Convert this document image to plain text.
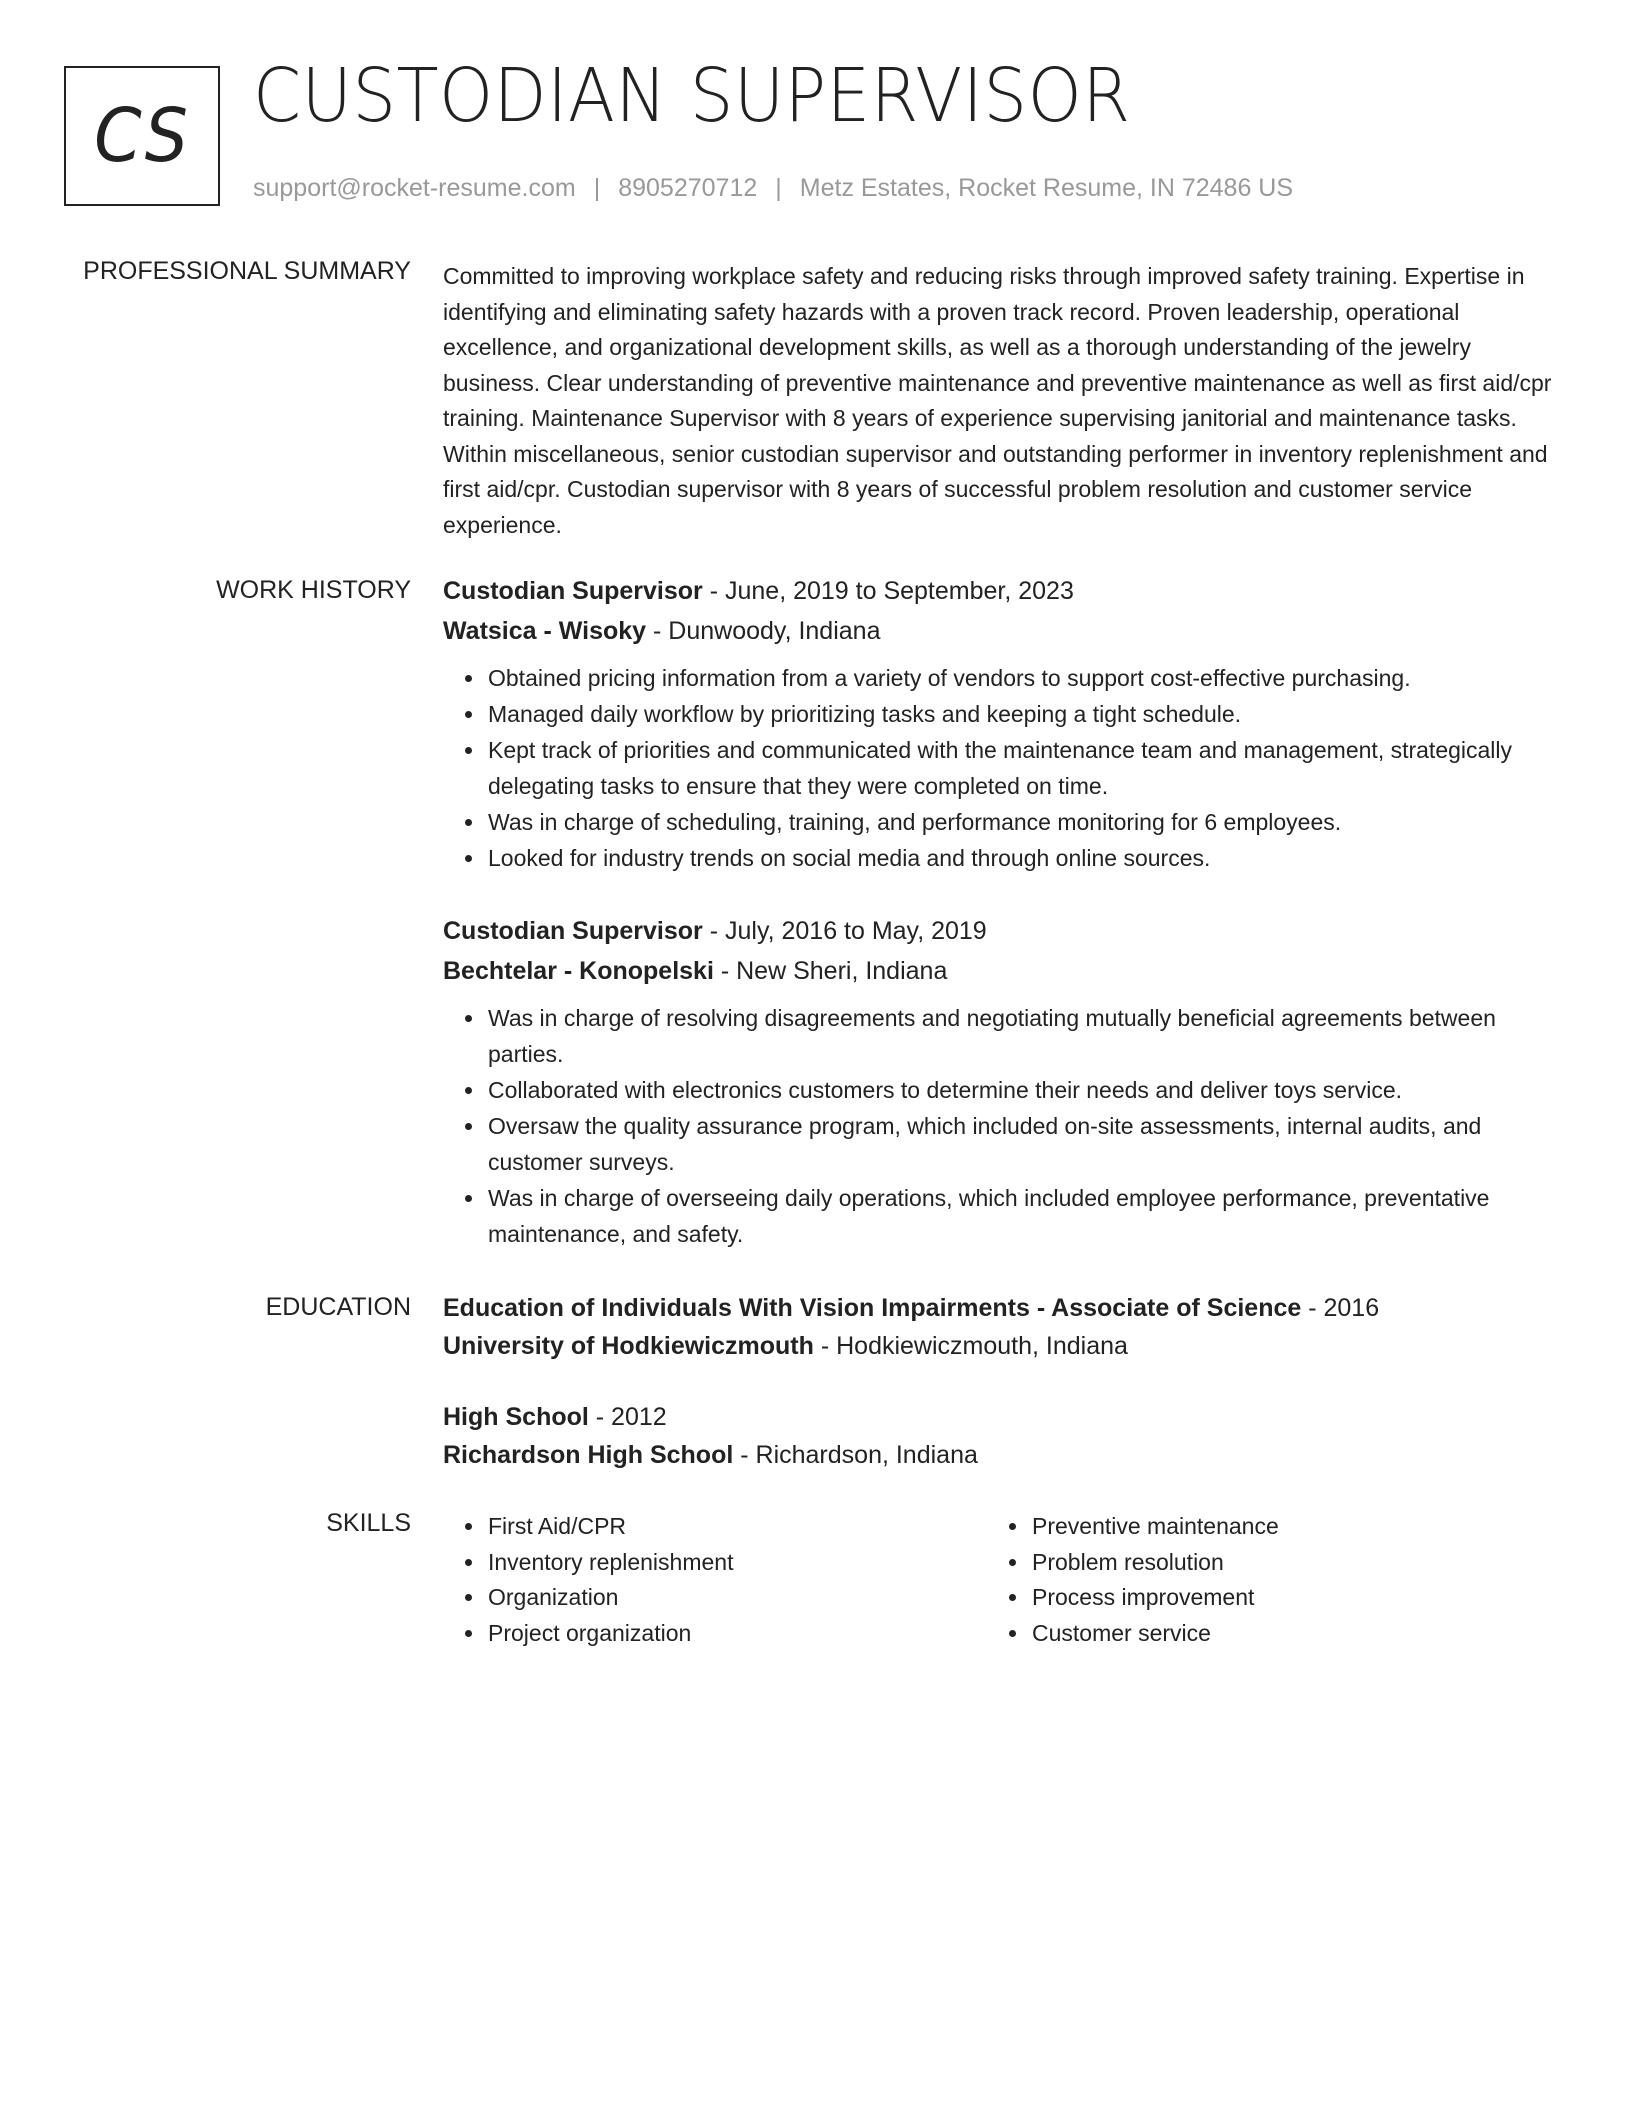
CS CUSTODIAN SUPERVISOR
support@rocket-resume.com | 8905270712 | Metz Estates, Rocket Resume, IN 72486 US
PROFESSIONAL SUMMARY Committed to improving workplace safety and reducing risks through improved safety training. Expertise in identifying and eliminating safety hazards with a proven track record. Proven leadership, operational excellence, and organizational development skills, as well as a thorough understanding of the jewelry business. Clear understanding of preventive maintenance and preventive maintenance as well as first aid/cpr training. Maintenance Supervisor with 8 years of experience supervising janitorial and maintenance tasks. Within miscellaneous, senior custodian supervisor and outstanding performer in inventory replenishment and first aid/cpr. Custodian supervisor with 8 years of successful problem resolution and customer service experience.

WORK HISTORY Custodian Supervisor - June, 2019 to September, 2023
Watsica - Wisoky - Dunwoody, Indiana
• Obtained pricing information from a variety of vendors to support cost-effective purchasing.
• Managed daily workflow by prioritizing tasks and keeping a tight schedule.
• Kept track of priorities and communicated with the maintenance team and management, strategically delegating tasks to ensure that they were completed on time.
• Was in charge of scheduling, training, and performance monitoring for 6 employees.
• Looked for industry trends on social media and through online sources.
Custodian Supervisor - July, 2016 to May, 2019
Bechtelar - Konopelski - New Sheri, Indiana
• Was in charge of resolving disagreements and negotiating mutually beneficial agreements between parties.
• Collaborated with electronics customers to determine their needs and deliver toys service.
• Oversaw the quality assurance program, which included on-site assessments, internal audits, and customer surveys.
• Was in charge of overseeing daily operations, which included employee performance, preventative maintenance, and safety.
EDUCATION Education of Individuals With Vision Impairments - Associate of Science - 2016
University of Hodkiewiczmouth - Hodkiewiczmouth, Indiana
High School - 2012
Richardson High School - Richardson, Indiana
SKILLS
•	First Aid/CPR
• Inventory replenishment
• Organization
• Project organization
• Preventive maintenance
• Problem resolution
• Process improvement
• Customer service
